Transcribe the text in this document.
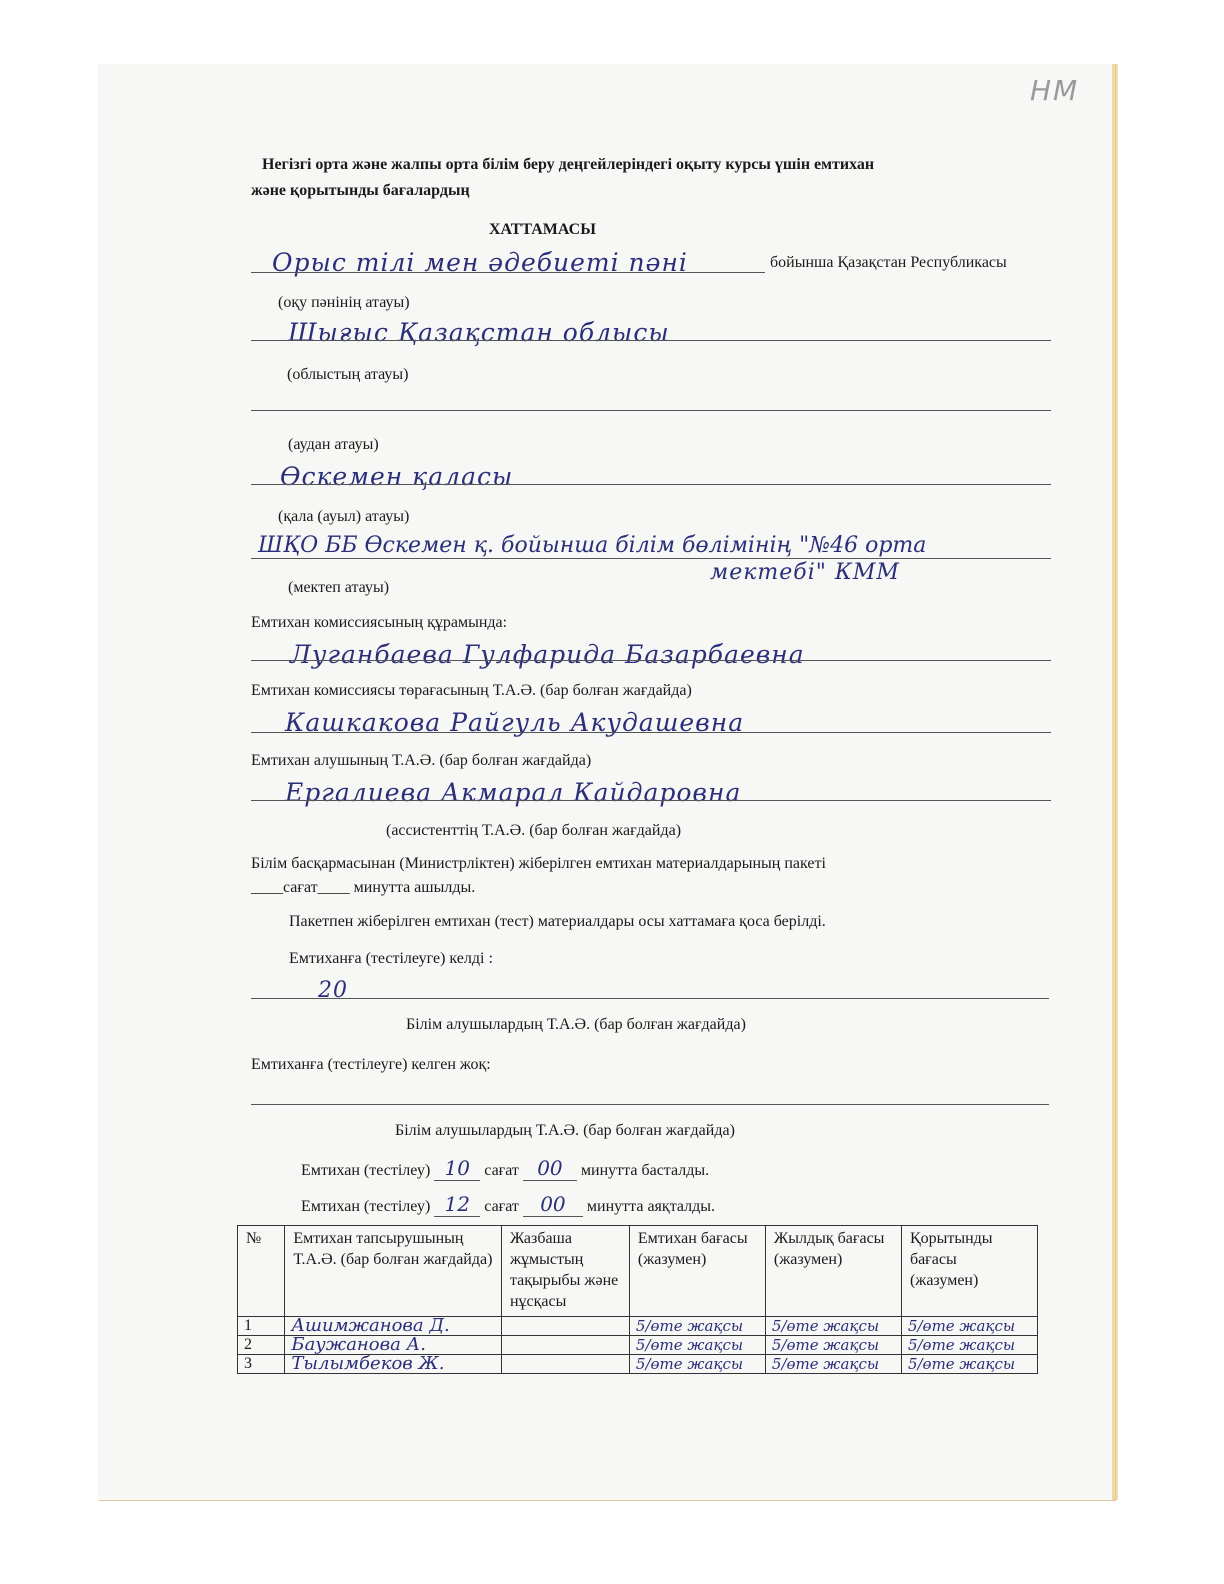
НМ
Негізгі орта және жалпы орта білім беру деңгейлеріндегі оқыту курсы үшін емтихан
және қорытынды бағалардың
ХАТТАМАСЫ
Орыс тілі мен әдебиеті пәні	бойынша Қазақстан Республикасы
(оқу пәнінің атауы)
Шығыс Қазақстан облысы
(облыстың атауы)
(аудан атауы)
Өскемен қаласы
(қала (ауыл) атауы)
ШҚО ББ Өскемен қ. бойынша білім бөлімінің "№46 орта
мектебі" КММ
(мектеп атауы)
Емтихан комиссиясының құрамында:
Луганбаева Гулфарида Базарбаевна
Емтихан комиссиясы төрағасының Т.А.Ә. (бар болған жағдайда)
Кашкакова Райгуль Акудашевна
Емтихан алушының Т.А.Ә. (бар болған жағдайда)
Ергалиева Акмарал Кайдаровна
(ассистенттің Т.А.Ә. (бар болған жағдайда)
Білім басқармасынан (Министрліктен) жіберілген емтихан материалдарының пакеті
____сағат____ минутта ашылды.
Пакетпен жіберілген емтихан (тест) материалдары осы хаттамаға қоса берілді.
Емтиханға (тестілеуге) келді :
20
Білім алушылардың Т.А.Ә. (бар болған жағдайда)
Емтиханға (тестілеуге) келген жоқ:
Білім алушылардың Т.А.Ә. (бар болған жағдайда)
Емтихан (тестілеу) 10 сағат 00 минутта басталды.
Емтихан (тестілеу) 12 сағат 00 минутта аяқталды.
№	Емтихан тапсырушының Т.А.Ә. (бар болған жағдайда)	Жазбаша жұмыстың тақырыбы және нұсқасы	Емтихан бағасы (жазумен)	Жылдық бағасы (жазумен)	Қорытынды бағасы (жазумен)
1	Ашимжанова Д.		5/өте жақсы	5/өте жақсы	5/өте жақсы
2	Баужанова А.		5/өте жақсы	5/өте жақсы	5/өте жақсы
3	Тылымбеков Ж.		5/өте жақсы	5/өте жақсы	5/өте жақсы
